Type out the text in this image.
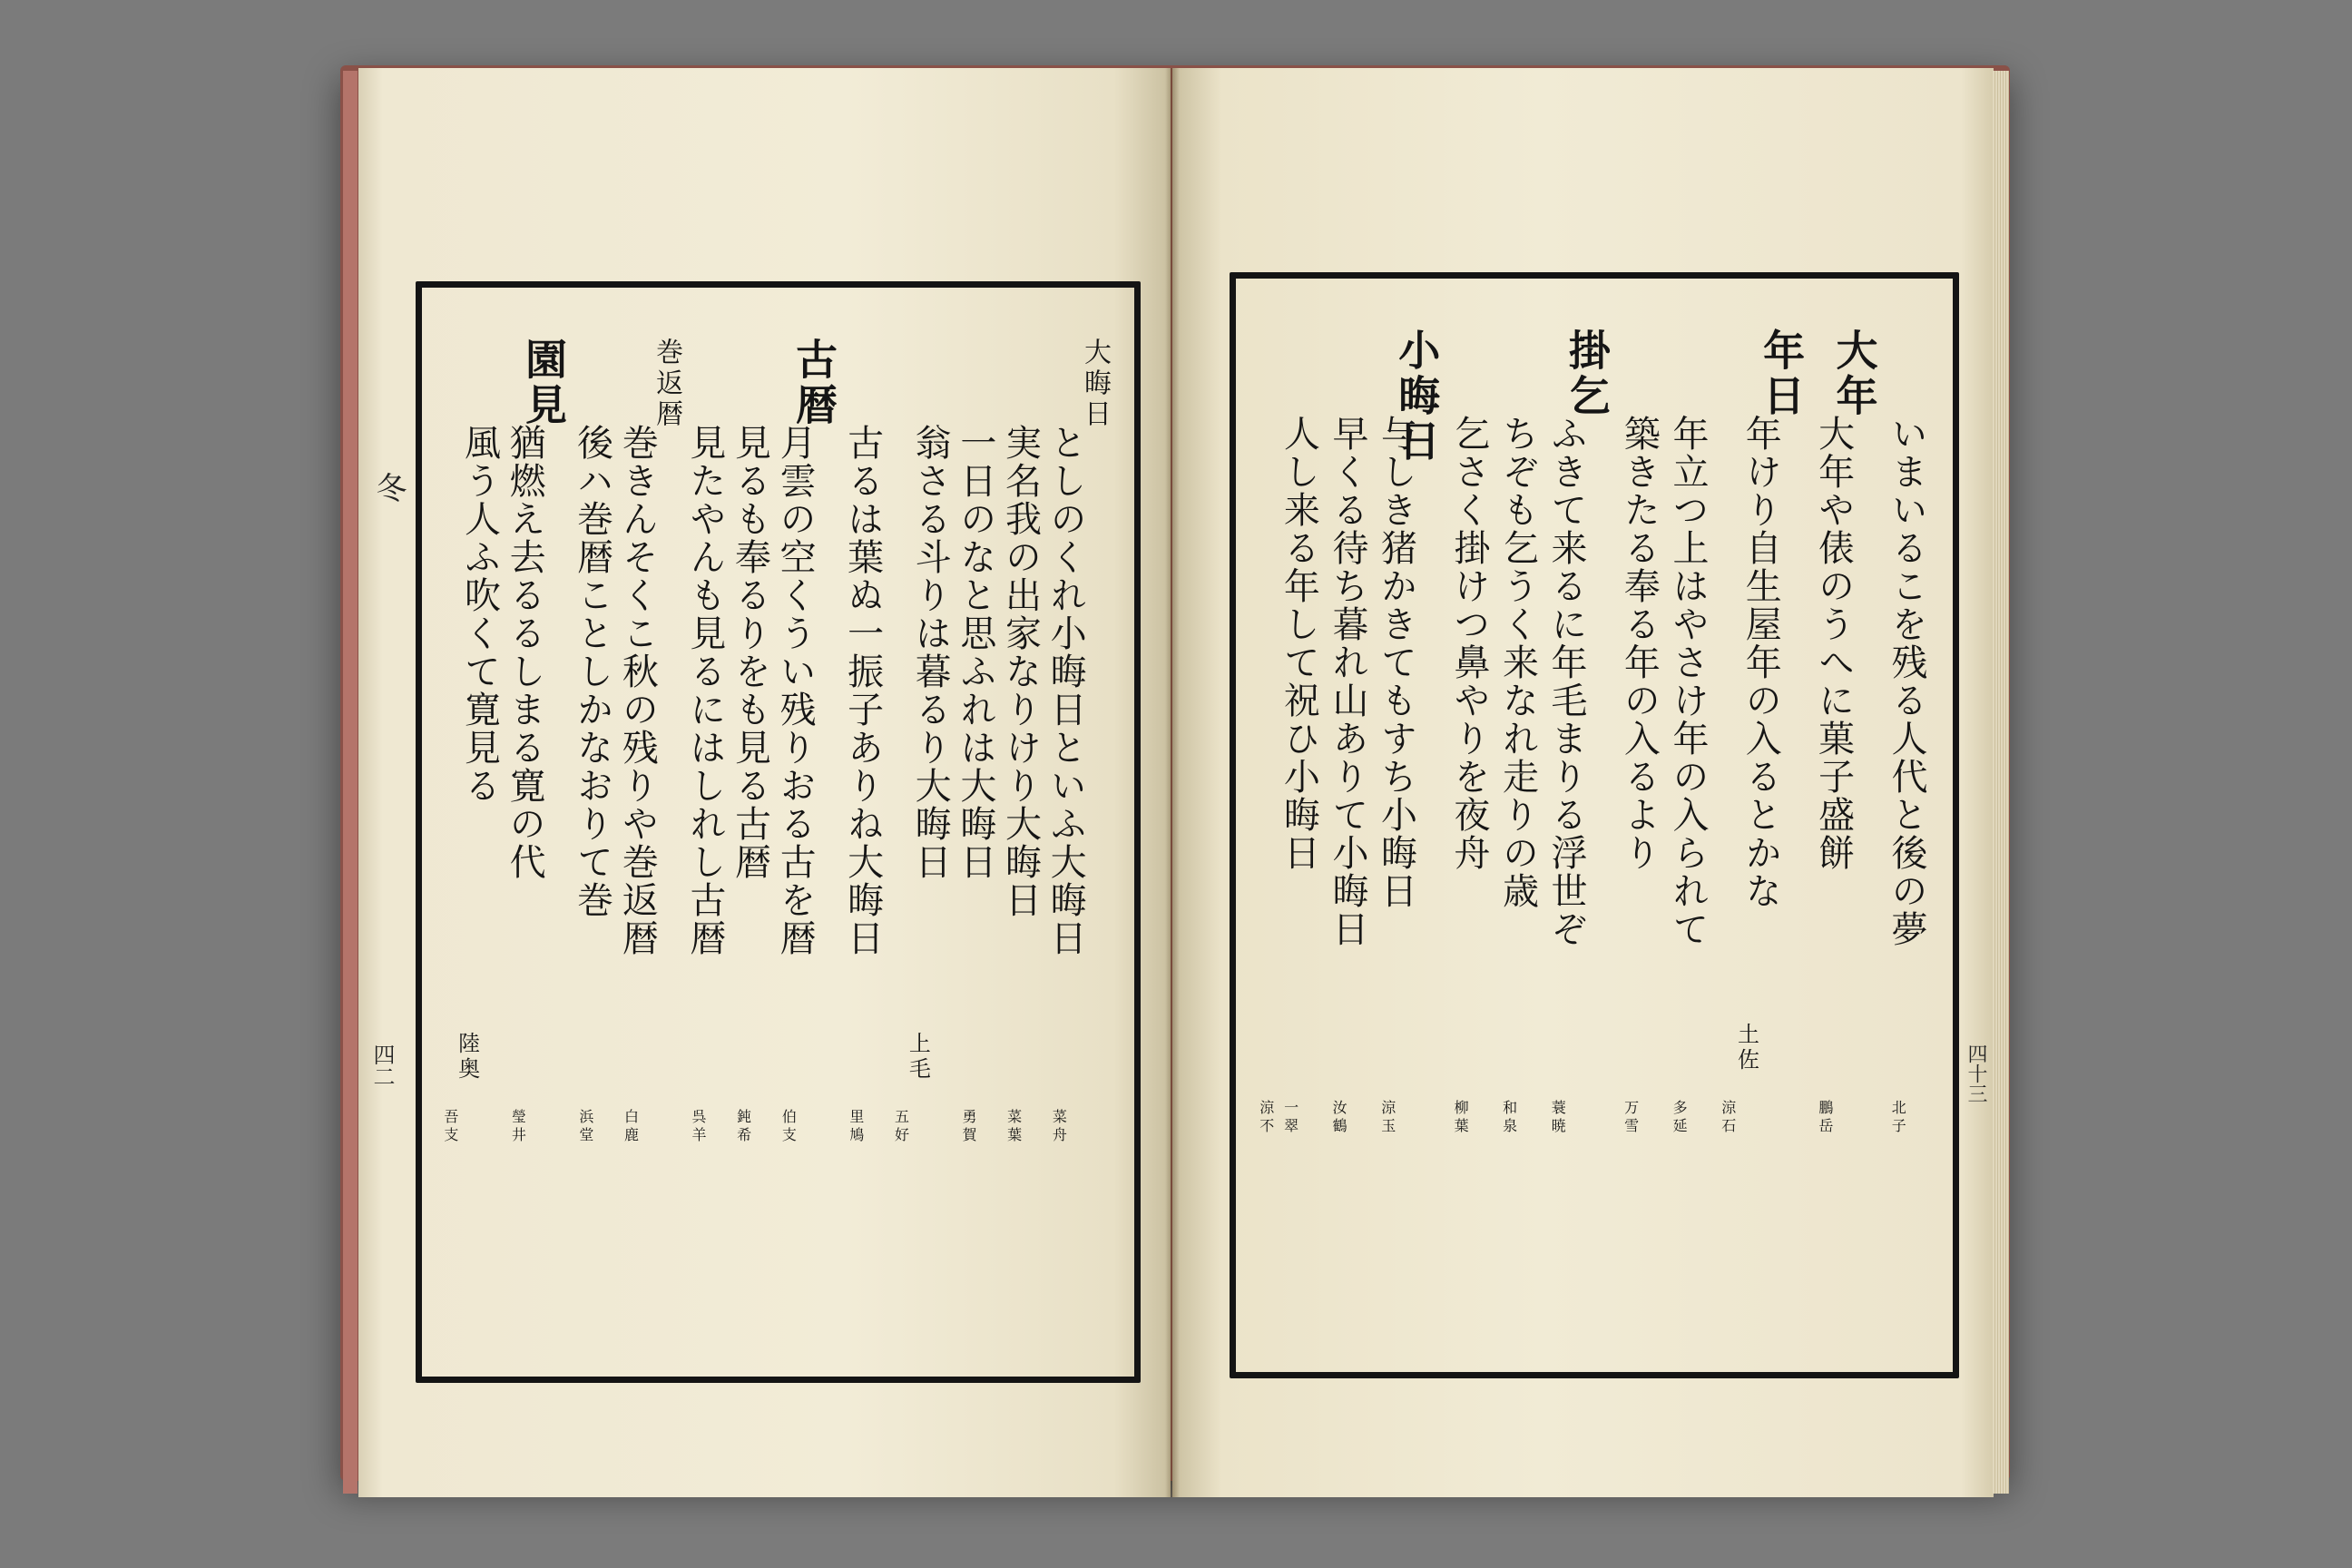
冬
四二	四十三
大晦日
としのくれ小晦日といふ大晦日
菜舟
実名我の出家なりけり大晦日
菜葉
一日のなと思ふれは大晦日
勇賀
翁さる斗りは暮るり大晦日
上毛
五好
古るは葉ぬ一振子ありね大晦日
里鳩
古暦
月雲の空くうい残りおる古を暦
伯支
見るも奉るりをも見る古暦
鈍希
見たやんも見るにはしれし古暦
呉羊
巻返暦
巻きんそくこ秋の残りや巻返暦
白鹿
後ハ巻暦ことしかなおりて巻
浜堂
園見
猶燃え去るるしまる寛の代
瑩井
風う人ふ吹くて寛見る
陸奥
吾支
いまいるこを残る人代と後の夢
北子
大年
大年や俵のうへに菓子盛餅
鵬岳
年日
年けり自生屋年の入るとかな
土佐
涼石
年立つ上はやさけ年の入られて
多延
築きたる奉る年の入るより
万雪
掛乞
ふきて来るに年毛まりる浮世ぞ
蓑暁
ちぞも乞うく来なれ走りの歳
和泉
乞さく掛けつ鼻やりを夜舟
柳葉
小晦日
与しき猪かきてもすち小晦日
涼玉
早くる待ち暮れ山ありて小晦日
汝鶴
人し来る年して祝ひ小晦日
一翠
涼不
